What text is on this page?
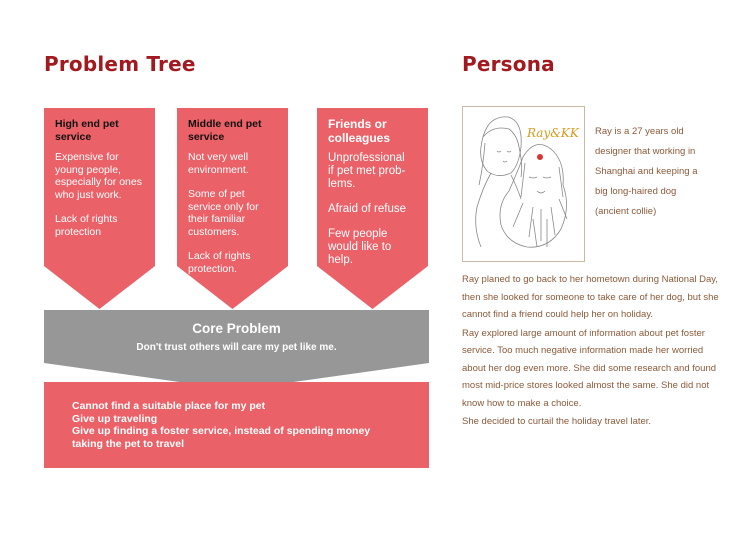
Problem Tree	Persona
High end pet
service
Expensive for
young people,
especially for ones
who just work.
Lack of rights
protection
Middle end pet
service
Not very well
environment.
Some of pet
service only for
their familiar
customers.
Lack of rights
protection.
Friends or
colleagues
Unprofessional
if pet met prob-
lems.
Afraid of refuse
Few people
would like to
help.
Core Problem
Don't trust others will care my pet like me.
Cannot find a suitable place for my pet
Give up traveling
Give up finding a foster service, instead of spending money
taking the pet to travel
Ray&KK Ray is a 27 years old
designer that working in
Shanghai and keeping a
big long-haired dog
(ancient collie)

Ray planed to go back to her hometown during National Day,
then she looked for someone to take care of her dog, but she
cannot find a friend could help her on holiday.

Ray explored large amount of information about pet foster
service. Too much negative information made her worried
about her dog even more. She did some research and found
most mid-price stores looked almost the same. She did not
know how to make a choice.

She decided to curtail the holiday travel later.
